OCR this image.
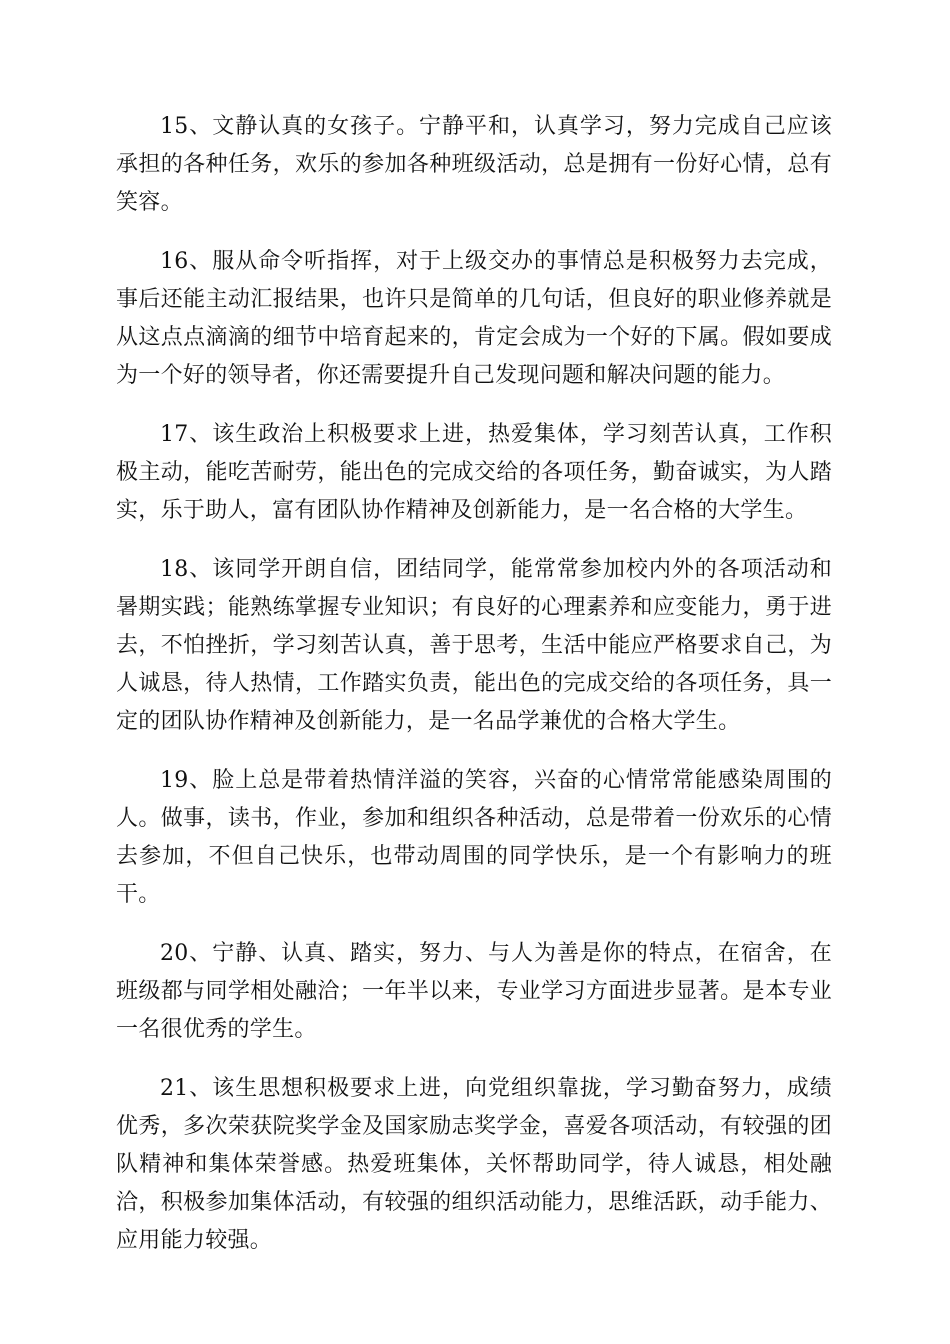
15、文静认真的女孩子。宁静平和，认真学习，努力完成自己应该承担的各种任务，欢乐的参加各种班级活动，总是拥有一份好心情，总有笑容。

16、服从命令听指挥，对于上级交办的事情总是积极努力去完成，事后还能主动汇报结果，也许只是简单的几句话，但良好的职业修养就是从这点点滴滴的细节中培育起来的，肯定会成为一个好的下属。假如要成为一个好的领导者，你还需要提升自己发现问题和解决问题的能力。

17、该生政治上积极要求上进，热爱集体，学习刻苦认真，工作积极主动，能吃苦耐劳，能出色的完成交给的各项任务，勤奋诚实，为人踏实，乐于助人，富有团队协作精神及创新能力，是一名合格的大学生。

18、该同学开朗自信，团结同学，能常常参加校内外的各项活动和暑期实践；能熟练掌握专业知识；有良好的心理素养和应变能力，勇于进去，不怕挫折，学习刻苦认真，善于思考，生活中能应严格要求自己，为人诚恳，待人热情，工作踏实负责，能出色的完成交给的各项任务，具一定的团队协作精神及创新能力，是一名品学兼优的合格大学生。

19、脸上总是带着热情洋溢的笑容，兴奋的心情常常能感染周围的人。做事，读书，作业，参加和组织各种活动，总是带着一份欢乐的心情去参加，不但自己快乐，也带动周围的同学快乐，是一个有影响力的班干。

20、宁静、认真、踏实，努力、与人为善是你的特点，在宿舍，在班级都与同学相处融洽；一年半以来，专业学习方面进步显著。是本专业一名很优秀的学生。

21、该生思想积极要求上进，向党组织靠拢，学习勤奋努力，成绩优秀，多次荣获院奖学金及国家励志奖学金，喜爱各项活动，有较强的团队精神和集体荣誉感。热爱班集体，关怀帮助同学，待人诚恳，相处融洽，积极参加集体活动，有较强的组织活动能力，思维活跃，动手能力、应用能力较强。
